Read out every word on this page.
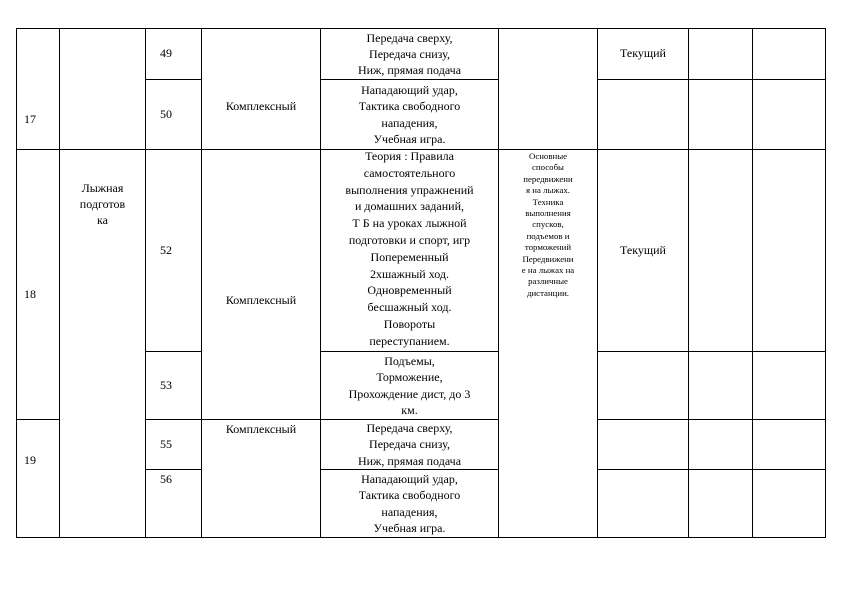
17
49
Передача сверху,
Передача снизу,
Ниж, прямая подача
Текущий
50
Комплексный
Нападающий удар,
Тактика свободного
нападения,
Учебная игра.
18
Лыжная
подготов
ка
52
Комплексный
Теория : Правила
самостоятельного
выполнения упражнений
и домашних заданий,
Т Б на уроках лыжной
подготовки и спорт, игр
Попеременный
2хшажный ход.
Одновременный
бесшажный ход.
Повороты
переступанием.
Основные
способы
передвижени
я на лыжах.
Техника
выполнения
спусков,
подъемов и
торможений
Передвижени
е на лыжах на
различные
дистанции.
Текущий
53
Подъемы,
Торможение,
Прохождение дист, до 3
км.
19
Комплексный
55
Передача сверху,
Передача снизу,
Ниж, прямая подача
56	Нападающий удар,
Тактика свободного
нападения,
Учебная игра.
